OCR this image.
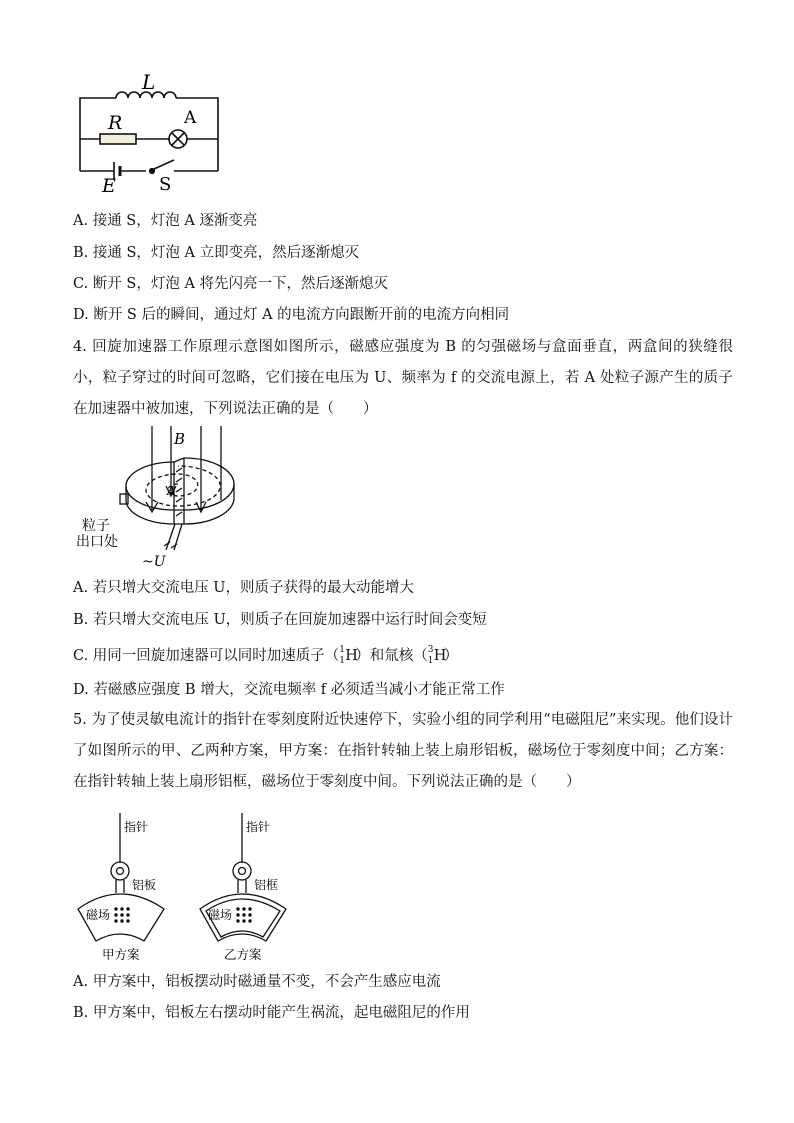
L
R	A
E S
A. 接通 S，灯泡 A 逐渐变亮
B. 接通 S，灯泡 A 立即变亮，然后逐渐熄灭
C. 断开 S，灯泡 A 将先闪亮一下，然后逐渐熄灭
D. 断开 S 后的瞬间，通过灯 A 的电流方向跟断开前的电流方向相同
4. 回旋加速器工作原理示意图如图所示，磁感应强度为 B 的匀强磁场与盒面垂直，两盒间的狭缝很小，粒子穿过的时间可忽略，它们接在电压为 U、频率为 f 的交流电源上，若 A 处粒子源产生的质子在加速器中被加速，下列说法正确的是（　　）
B
A
粒子
出口处
~U
A. 若只增大交流电压 U，则质子获得的最大动能增大
B. 若只增大交流电压 U，则质子在回旋加速器中运行时间会变短
C. 用同一回旋加速器可以同时加速质子（ 1
1 H）和氚核（ 3
1 H）
D. 若磁感应强度 B 增大，交流电频率 f 必须适当减小才能正常工作
5. 为了使灵敏电流计的指针在零刻度附近快速停下，实验小组的同学利用“电磁阻尼”来实现。他们设计了如图所示的甲、乙两种方案，甲方案：在指针转轴上装上扇形铝板，磁场位于零刻度中间；乙方案：在指针转轴上装上扇形铝框，磁场位于零刻度中间。下列说法正确的是（　　）
指针
铝板
磁场
甲方案
指针
铝框
磁场
乙方案
A. 甲方案中，铝板摆动时磁通量不变，不会产生感应电流
B. 甲方案中，铝板左右摆动时能产生祸流，起电磁阻尼的作用
